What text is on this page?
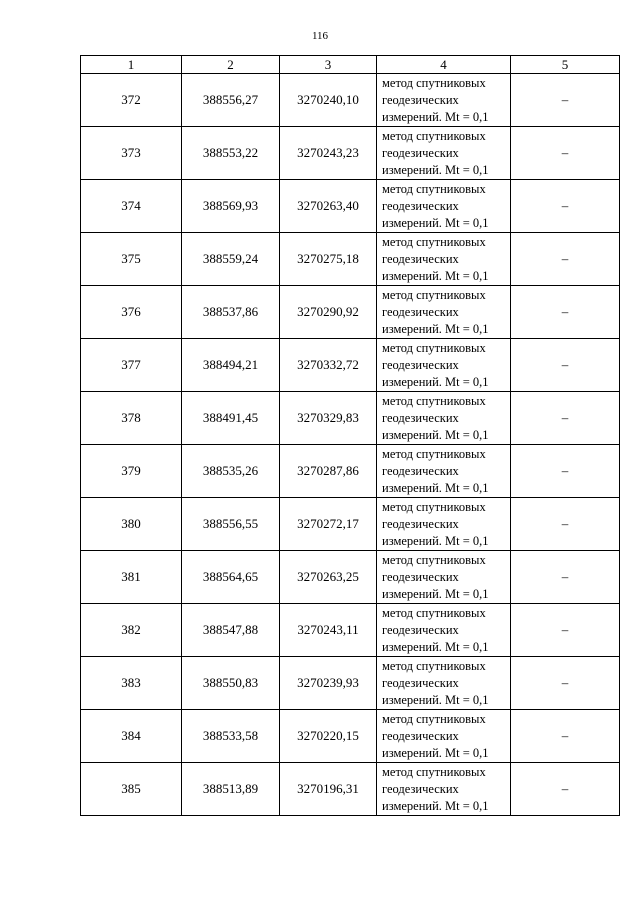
116
1	2	3	4	5
372	388556,27	3270240,10	метод спутниковых
геодезических
измерений. Mt = 0,1	–
373	388553,22	3270243,23	метод спутниковых
геодезических
измерений. Mt = 0,1	–
374	388569,93	3270263,40	метод спутниковых
геодезических
измерений. Mt = 0,1	–
375	388559,24	3270275,18	метод спутниковых
геодезических
измерений. Mt = 0,1	–
376	388537,86	3270290,92	метод спутниковых
геодезических
измерений. Mt = 0,1	–
377	388494,21	3270332,72	метод спутниковых
геодезических
измерений. Mt = 0,1	–
378	388491,45	3270329,83	метод спутниковых
геодезических
измерений. Mt = 0,1	–
379	388535,26	3270287,86	метод спутниковых
геодезических
измерений. Mt = 0,1	–
380	388556,55	3270272,17	метод спутниковых
геодезических
измерений. Mt = 0,1	–
381	388564,65	3270263,25	метод спутниковых
геодезических
измерений. Mt = 0,1	–
382	388547,88	3270243,11	метод спутниковых
геодезических
измерений. Mt = 0,1	–
383	388550,83	3270239,93	метод спутниковых
геодезических
измерений. Mt = 0,1	–
384	388533,58	3270220,15	метод спутниковых
геодезических
измерений. Mt = 0,1	–
385	388513,89	3270196,31	метод спутниковых
геодезических
измерений. Mt = 0,1	–
